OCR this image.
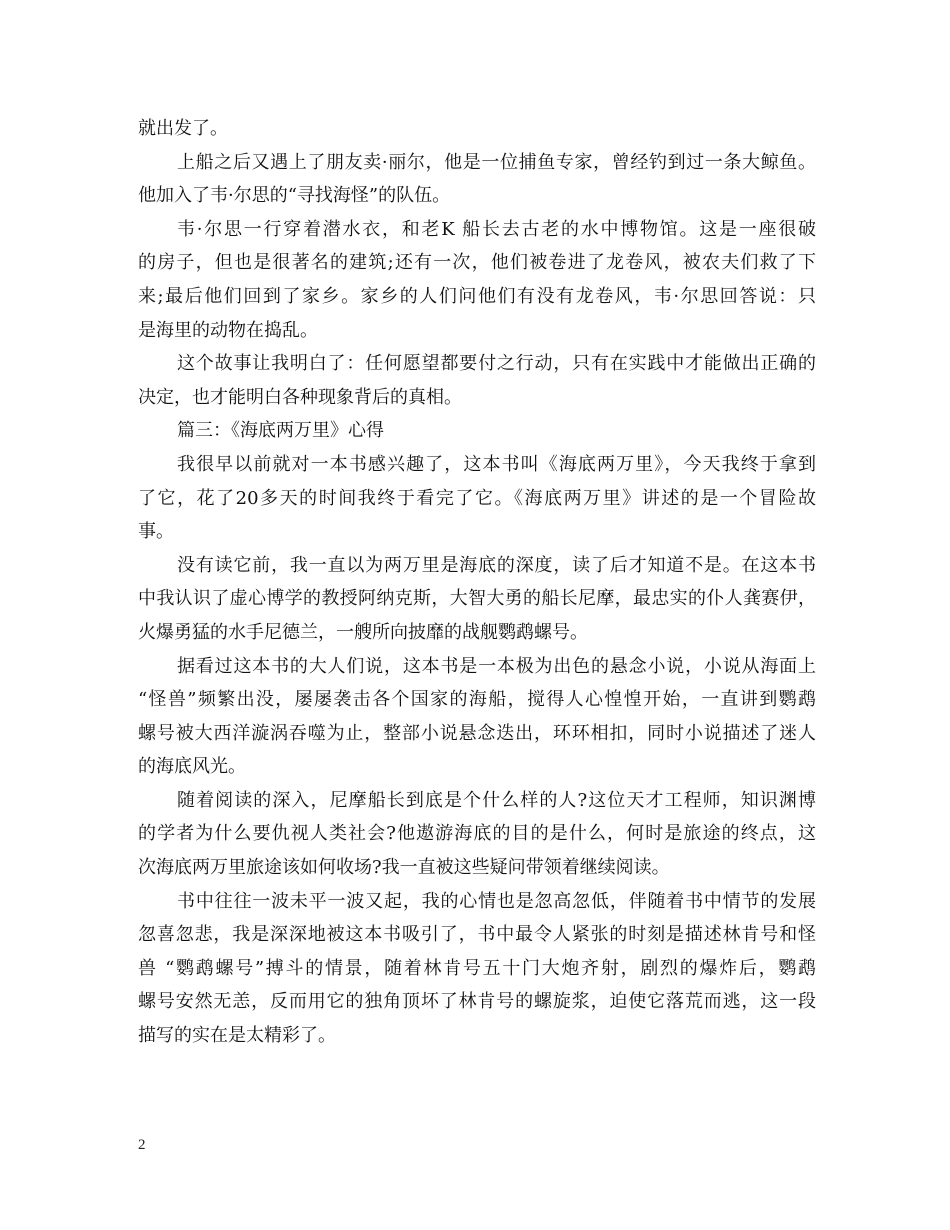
就出发了。
上船之后又遇上了朋友卖·丽尔，他是一位捕鱼专家，曾经钓到过一条大鲸鱼。
他加入了韦·尔思的“寻找海怪”的队伍。
韦·尔思一行穿着潜水衣，和老K 船长去古老的水中博物馆。这是一座很破
的房子，但也是很著名的建筑;还有一次，他们被卷进了龙卷风，被农夫们救了下
来;最后他们回到了家乡。家乡的人们问他们有没有龙卷风，韦·尔思回答说：只
是海里的动物在捣乱。
这个故事让我明白了：任何愿望都要付之行动，只有在实践中才能做出正确的
决定，也才能明白各种现象背后的真相。
篇三：《海底两万里》心得
我很早以前就对一本书感兴趣了，这本书叫《海底两万里》，今天我终于拿到
了它，花了20多天的时间我终于看完了它。《海底两万里》讲述的是一个冒险故
事。
没有读它前，我一直以为两万里是海底的深度，读了后才知道不是。在这本书
中我认识了虚心博学的教授阿纳克斯，大智大勇的船长尼摩，最忠实的仆人龚赛伊，
火爆勇猛的水手尼德兰，一艘所向披靡的战舰鹦鹉螺号。
据看过这本书的大人们说，这本书是一本极为出色的悬念小说，小说从海面上
“怪兽”频繁出没，屡屡袭击各个国家的海船，搅得人心惶惶开始，一直讲到鹦鹉
螺号被大西洋漩涡吞噬为止，整部小说悬念迭出，环环相扣，同时小说描述了迷人
的海底风光。
随着阅读的深入，尼摩船长到底是个什么样的人?这位天才工程师，知识渊博
的学者为什么要仇视人类社会?他遨游海底的目的是什么，何时是旅途的终点，这
次海底两万里旅途该如何收场?我一直被这些疑问带领着继续阅读。
书中往往一波未平一波又起，我的心情也是忽高忽低，伴随着书中情节的发展
忽喜忽悲，我是深深地被这本书吸引了，书中最令人紧张的时刻是描述林肯号和怪
兽 “鹦鹉螺号”搏斗的情景，随着林肯号五十门大炮齐射，剧烈的爆炸后，鹦鹉
螺号安然无恙，反而用它的独角顶坏了林肯号的螺旋浆，迫使它落荒而逃，这一段
描写的实在是太精彩了。
2
